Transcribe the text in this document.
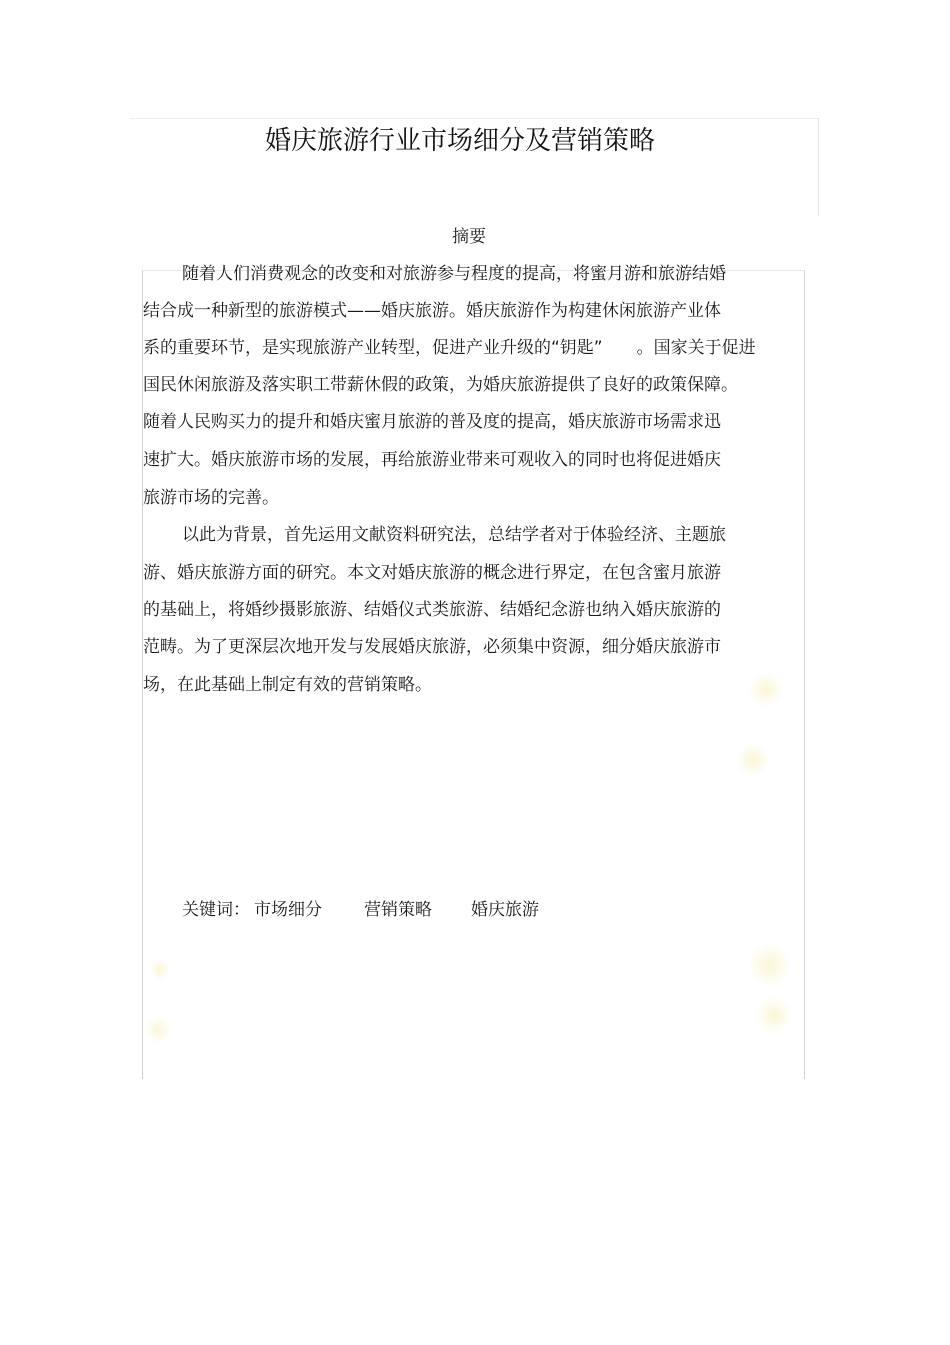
婚庆旅游行业市场细分及营销策略
摘要

随着人们消费观念的改变和对旅游参与程度的提高，将蜜月游和旅游结婚

结合成一种新型的旅游模式——婚庆旅游。婚庆旅游作为构建休闲旅游产业体

系的重要环节，是实现旅游产业转型，促进产业升级的“钥匙”　　。国家关于促进

国民休闲旅游及落实职工带薪休假的政策，为婚庆旅游提供了良好的政策保障。

随着人民购买力的提升和婚庆蜜月旅游的普及度的提高，婚庆旅游市场需求迅

速扩大。婚庆旅游市场的发展，再给旅游业带来可观收入的同时也将促进婚庆

旅游市场的完善。

以此为背景，首先运用文献资料研究法，总结学者对于体验经济、主题旅

游、婚庆旅游方面的研究。本文对婚庆旅游的概念进行界定，在包含蜜月旅游

的基础上，将婚纱摄影旅游、结婚仪式类旅游、结婚纪念游也纳入婚庆旅游的

范畴。为了更深层次地开发与发展婚庆旅游，必须集中资源，细分婚庆旅游市

场，在此基础上制定有效的营销策略。

关键词： 市场细分 营销策略 婚庆旅游
